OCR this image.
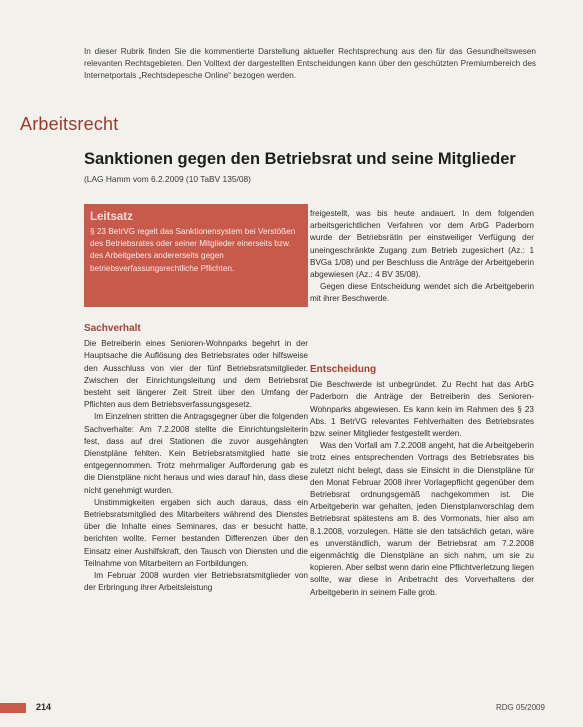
In dieser Rubrik finden Sie die kommentierte Darstellung aktueller Rechtsprechung aus den für das Gesundheitswesen relevanten Rechtsgebieten. Den Volltext der dargestellten Entscheidungen kann über den geschützten Premiumbereich des Internetportals „Rechtsdepesche Online“ bezogen werden.
Arbeitsrecht
Sanktionen gegen den Betriebsrat und seine Mitglieder
(LAG Hamm vom 6.2.2009 (10 TaBV 135/08)
Leitsatz

§ 23 BetrVG regelt das Sanktionensystem bei Verstößen des Betriebsrates oder seiner Mitglieder einerseits bzw. des Arbeitgebers andererseits gegen betriebsverfassungsrechtliche Pflichten.

Sachverhalt

Die Betreiberin eines Senioren-Wohnparks begehrt in der Hauptsache die Auflösung des Betriebsrates oder hilfsweise den Ausschluss von vier der fünf Betriebsratsmitglieder. Zwischen der Einrichtungsleitung und dem Betriebsrat besteht seit längerer Zeit Streit über den Umfang der Pflichten aus dem Betriebsverfassungsgesetz.

Im Einzelnen stritten die Antragsgegner über die folgenden Sachverhalte: Am 7.2.2008 stellte die Einrichtungsleiterin fest, dass auf drei Stationen die zuvor ausgehängten Dienstpläne fehlten. Kein Betriebsratsmitglied hatte sie entgegennommen. Trotz mehrmaliger Aufforderung gab es die Dienstpläne nicht heraus und wies darauf hin, dass diese nicht genehmigt wurden.

Unstimmigkeiten ergaben sich auch daraus, dass ein Betriebsratsmitglied des Mitarbeiters während des Dienstes über die Inhalte eines Seminares, das er besucht hatte, berichten wollte. Ferner bestanden Differenzen über den Einsatz einer Aushilfskraft, den Tausch von Diensten und die Teilnahme von Mitarbeitern an Fortbildungen.

Im Februar 2008 wurden vier Betriebsratsmitglieder von der Erbringung ihrer Arbeitsleistung

freigestellt, was bis heute andauert. In dem folgenden arbeitsgerichtlichen Verfahren vor dem ArbG Paderborn wurde der Betriebsrätin per einstweiliger Verfügung der uneingeschränkte Zugang zum Betrieb zugesichert (Az.: 1 BVGa 1/08) und per Beschluss die Anträge der Arbeitgeberin abgewiesen (Az.: 4 BV 35/08).

Gegen diese Entscheidung wendet sich die Arbeitgeberin mit ihrer Beschwerde.

Entscheidung

Die Beschwerde ist unbegründet. Zu Recht hat das ArbG Paderborn die Anträge der Betreiberin des Senioren-Wohnparks abgewiesen. Es kann kein im Rahmen des § 23 Abs. 1 BetrVG relevantes Fehlverhalten des Betriebsrates bzw. seiner Mitglieder festgestellt werden.

Was den Vorfall am 7.2.2008 angeht, hat die Arbeitgeberin trotz eines entsprechenden Vortrags des Betriebsrates bis zuletzt nicht belegt, dass sie Einsicht in die Dienstpläne für den Monat Februar 2008 ihrer Vorlagepflicht gegenüber dem Betriebsrat ordnungsgemäß nachgekommen ist. Die Arbeitgeberin war gehalten, jeden Dienstplanvorschlag dem Betriebsrat spätestens am 8. des Vormonats, hier also am 8.1.2008, vorzulegen. Hätte sie den tatsächlich getan, wäre es unverständlich, warum der Betriebsrat am 7.2.2008 eigenmächtig die Dienstpläne an sich nahm, um sie zu kopieren. Aber selbst wenn darin eine Pflichtverletzung liegen sollte, war diese in Anbetracht des Vorverhaltens der Arbeitgeberin in seinem Falle grob.

214	RDG 05/2009
